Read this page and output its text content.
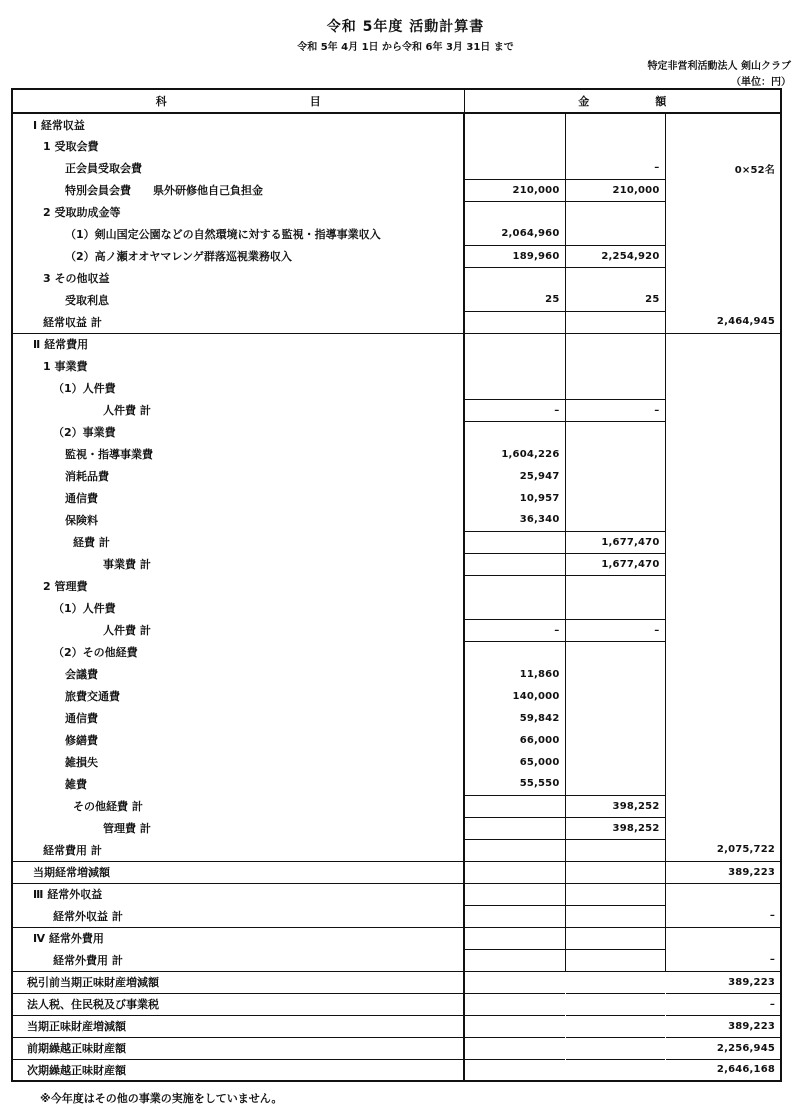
令和 5年度 活動計算書
令和 5年 4月 1日 から令和 6年 3月 31日 まで
特定非営利活動法人 剣山クラブ
（単位：円）
科　　　　　　　　　　　　　目	金　　　　　　額		
Ⅰ 経常収益			
1 受取会費			
正会員受取会費		–	0×52名
特別会員会費　　県外研修他自己負担金	210,000	210,000	
2 受取助成金等			
（1）剣山国定公園などの自然環境に対する監視・指導事業収入	2,064,960		
（2）高ノ瀬オオヤマレンゲ群落巡視業務収入	189,960	2,254,920	
3 その他収益			
受取利息	25	25	
経常収益 計			2,464,945
Ⅱ 経常費用			
1 事業費			
（1）人件費			
人件費 計	–	–	
（2）事業費			
監視・指導事業費	1,604,226		
消耗品費	25,947		
通信費	10,957		
保険料	36,340		
経費 計		1,677,470	
事業費 計		1,677,470	
2 管理費			
（1）人件費			
人件費 計	–	–	
（2）その他経費			
会議費	11,860		
旅費交通費	140,000		
通信費	59,842		
修繕費	66,000		
雑損失	65,000		
雑費	55,550		
その他経費 計		398,252	
管理費 計		398,252	
経常費用 計			2,075,722
当期経常増減額			389,223
Ⅲ 経常外収益			
経常外収益 計			–
Ⅳ 経常外費用			
経常外費用 計			–
税引前当期正味財産増減額			389,223
法人税、住民税及び事業税			–
当期正味財産増減額			389,223
前期繰越正味財産額			2,256,945
次期繰越正味財産額			2,646,168
※今年度はその他の事業の実施をしていません。
